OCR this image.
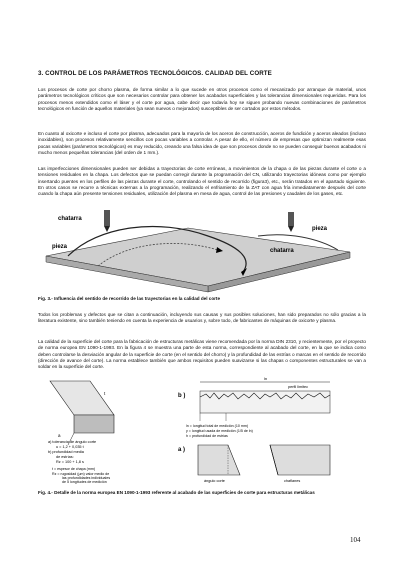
3. CONTROL DE LOS PARÁMETROS TECNOLÓGICOS. CALIDAD DEL CORTE

Los procesos de corte por chorro plasma, de forma similar a lo que sucede en otros procesos como el mecanizado por arranque de material, unos parámetros tecnológicos críticos que son necesarios controlar para obtener los acabados superficiales y las tolerancias dimensionales requeridas. Para los procesos menos extendidos como el láser y el corte por agua, cabe decir que todavía hoy se siguen probando nuevas combinaciones de parámetros tecnológicos en función de aquellos materiales (ya sean nuevos o mejorados) susceptibles de ser cortados por estos métodos.

En cuanto al oxicorte e incluso el corte por plasma, adecuados para la mayoría de los aceros de construcción, aceros de fundición y aceros aleados (incluso inoxidables), son procesos relativamente sencillos con pocas variables a controlar. A pesar de ello, el número de empresas que optimizan realmente esas pocas variables (parámetros tecnológicos) es muy reducido, creando una falsa idea de que son procesos donde no se pueden conseguir buenos acabados ni mucho menos pequeñas tolerancias (del orden de 1 mm.).

Las imperfecciones dimensionales pueden ser debidas a trayectorias de corte erróneas, a movimientos de la chapa o de las piezas durante el corte o a tensiones residuales en la chapa. Los defectos que se puedan corregir durante la programación del CN, utilizando trayectorias idóneas como por ejemplo insertando puentes en los perfiles de las piezas durante el corte, controlando el sentido de recorrido (figura3), etc., serán tratados en el apartado siguiente. En otros casos se recurre a técnicas externas a la programación, realizando el enfriamiento de la ZAT con agua fría inmediatamente después del corte cuando la chapa aún presente tensiones residuales, utilización del plasma en mesa de agua, control de las presiones y caudales de los gases, etc.

chatarra
pieza
pieza
chatarra

Fig. 3.- Influencia del sentido de recorrido de las trayectorias en la calidad del corte

Todos los problemas y defectos que se citan a continuación, incluyendo sus causas y sus posibles soluciones, han sido preparados no sólo gracias a la literatura existente, sino también teniendo en cuenta la experiencia de usuarios y, sobre todo, de fabricantes de máquinas de oxicorte y plasma.

La calidad de la superficie del corte para la fabricación de estructuras metálicas viene recomendada por la norma DIN 2310, y recientemente, por el proyecto de norma europea EN 1090-1-1993. En la figura 4 se muestra una parte de esta norma, correspondiente al acabado del corte, en la que se indica como deben controlarse la desviación angular de la superficie de corte (en el sentido del chorro) y la profundidad de las estrías o marcas en el sentido de recorrido (dirección de avance del corte). La norma establece también que ambos requisitos pueden suavizarse si las chapas o componentes estructurales se van a soldar en la superficie del corte.

t
a
a) tolerancia de ángulo corte
u = 1,2 + 0,035 t
b) profundidad media
de estrías:
Rz = 100 + 1,8 s
t = espesor de chapa (mm)
Rz = rugosidad (µm) valor medio de
las profundidades individuales
de 5 longitudes de medición
ln
perfil limitec
b )
ln = longitud total de medición (10 mm)
y = longitud usada de medición (1/5 de ln)
h = profundidad de estrías
a )
ángulo corte	chaflanes

Fig. 4.- Detalle de la norma europea EN 1090-1-1993 referente al acabado de las superficies de corte para estructuras metálicas

104
